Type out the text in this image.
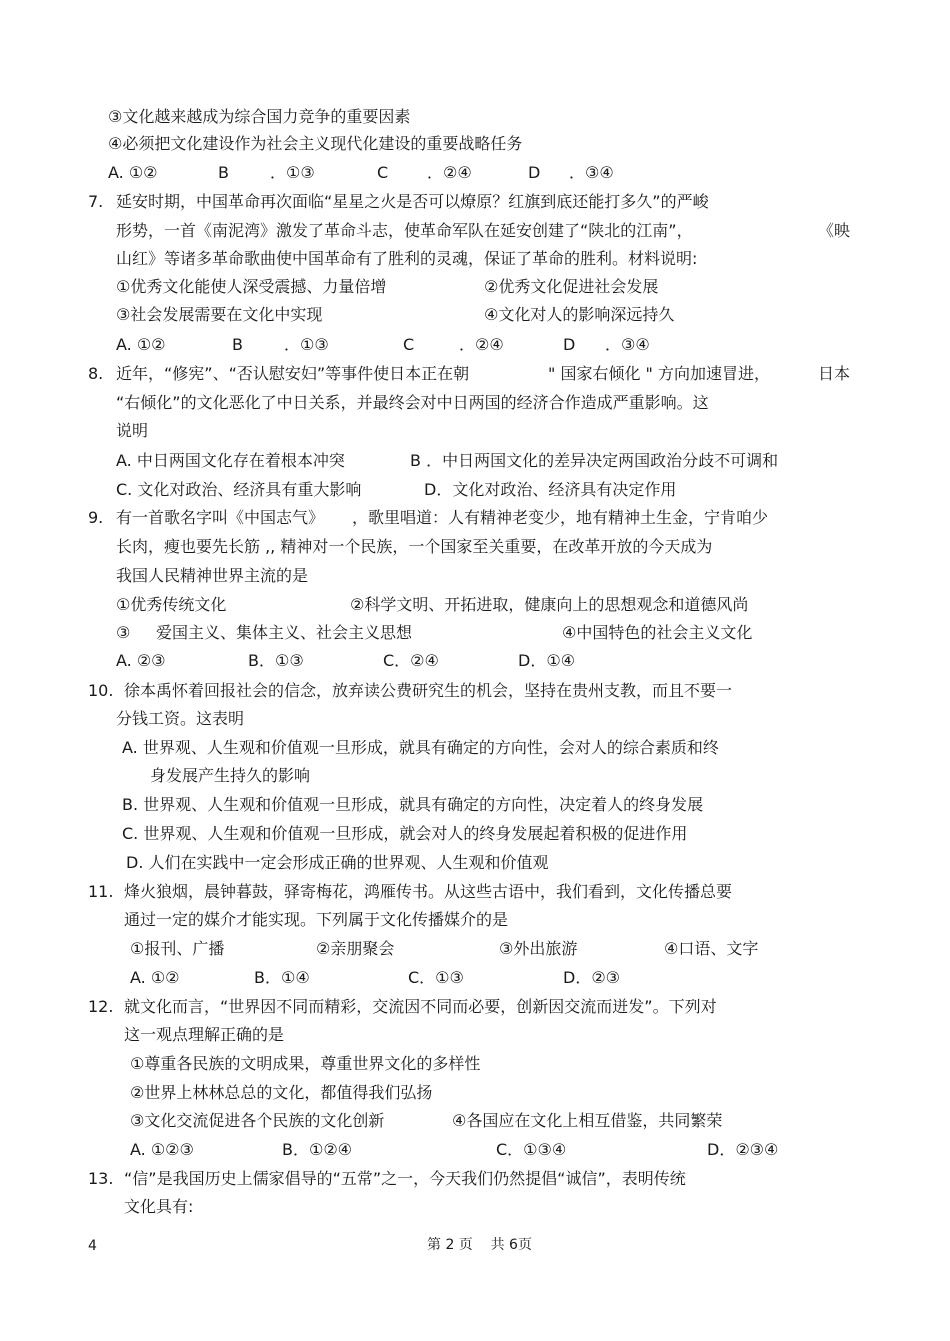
③文化越来越成为综合国力竞争的重要因素
④必须把文化建设作为社会主义现代化建设的重要战略任务
A. ①②	B	．①③	C ．②④	D ．③④
7. 延安时期，中国革命再次面临“星星之火是否可以燎原？红旗到底还能打多久”的严峻
形势，一首《南泥湾》激发了革命斗志，使革命军队在延安创建了“陕北的江南”，	《映
山红》等诸多革命歌曲使中国革命有了胜利的灵魂，保证了革命的胜利。材料说明:
①优秀文化能使人深受震撼、力量倍增	②优秀文化促进社会发展
③社会发展需要在文化中实现	④文化对人的影响深远持久
A. ①②	B	．①③	C	．②④	D ．③④
8. 近年，“修宪”、“否认慰安妇”等事件使日本正在朝	" 国家右倾化 " 方向加速冒进，	日本
“右倾化”的文化恶化了中日关系，并最终会对中日两国的经济合作造成严重影响。这
说明
A. 中日两国文化存在着根本冲突	B ．中日两国文化的差异决定两国政治分歧不可调和
C. 文化对政治、经济具有重大影响	D．文化对政治、经济具有决定作用
9. 有一首歌名字叫《中国志气》 ，歌里唱道：人有精神老变少，地有精神土生金，宁肯咱少
长肉，瘦也要先长筋 ,, 精神对一个民族，一个国家至关重要，在改革开放的今天成为
我国人民精神世界主流的是
①优秀传统文化	②科学文明、开拓进取，健康向上的思想观念和道德风尚
③ 爱国主义、集体主义、社会主义思想	④中国特色的社会主义文化
A. ②③	B．①③	C．②④	D．①④
10. 徐本禹怀着回报社会的信念，放弃读公费研究生的机会，坚持在贵州支教，而且不要一
分钱工资。这表明
A. 世界观、人生观和价值观一旦形成，就具有确定的方向性，会对人的综合素质和终
身发展产生持久的影响
B. 世界观、人生观和价值观一旦形成，就具有确定的方向性，决定着人的终身发展
C. 世界观、人生观和价值观一旦形成，就会对人的终身发展起着积极的促进作用
D. 人们在实践中一定会形成正确的世界观、人生观和价值观
11. 烽火狼烟，晨钟暮鼓，驿寄梅花，鸿雁传书。从这些古语中，我们看到，文化传播总要
通过一定的媒介才能实现。下列属于文化传播媒介的是
①报刊、广播	②亲朋聚会	③外出旅游	④口语、文字
A. ①②	B．①④	C．①③	D．②③
12. 就文化而言，“世界因不同而精彩，交流因不同而必要，创新因交流而迸发”。下列对
这一观点理解正确的是
①尊重各民族的文明成果，尊重世界文化的多样性
②世界上林林总总的文化，都值得我们弘扬
③文化交流促进各个民族的文化创新	④各国应在文化上相互借鉴，共同繁荣
A. ①②③	B．①②④	C．①③④	D．②③④
13. “信”是我国历史上儒家倡导的“五常”之一，今天我们仍然提倡“诚信”，表明传统
文化具有:
4	第 2 页    共 6页
